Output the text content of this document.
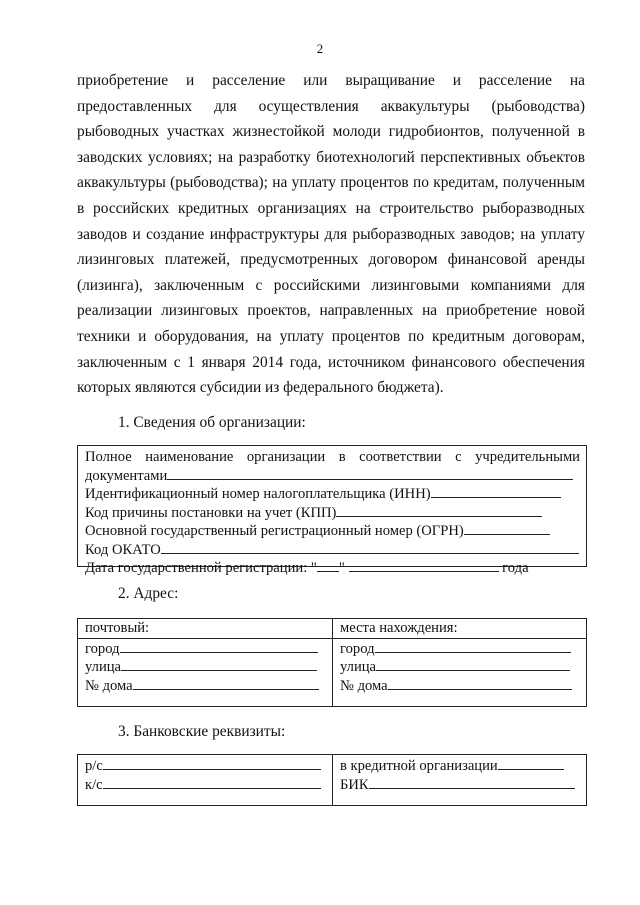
2
приобретение и расселение или выращивание и расселение на
предоставленных для осуществления аквакультуры (рыбоводства)
рыбоводных участках жизнестойкой молоди гидробионтов, полученной в
заводских условиях; на разработку биотехнологий перспективных объектов
аквакультуры (рыбоводства); на уплату процентов по кредитам, полученным
в российских кредитных организациях на строительство рыборазводных
заводов и создание инфраструктуры для рыборазводных заводов; на уплату
лизинговых платежей, предусмотренных договором финансовой аренды
(лизинга), заключенным с российскими лизинговыми компаниями для
реализации лизинговых проектов, направленных на приобретение новой
техники и оборудования, на уплату процентов по кредитным договорам,
заключенным с 1 января 2014 года, источником финансового обеспечения
которых являются субсидии из федерального бюджета).
1. Сведения об организации:
Полное наименование организации в соответствии с учредительными
документами
Идентификационный номер налогоплательщика (ИНН)
Код причины постановки на учет (КПП)
Основной государственный регистрационный номер (ОГРН)
Код ОКАТО
Дата государственной регистрации: " "	года
2. Адрес:
почтовый:
город
улица
№ дома
места нахождения:
город
улица
№ дома
3. Банковские реквизиты:
р/с
к/с
в кредитной организации
БИК
